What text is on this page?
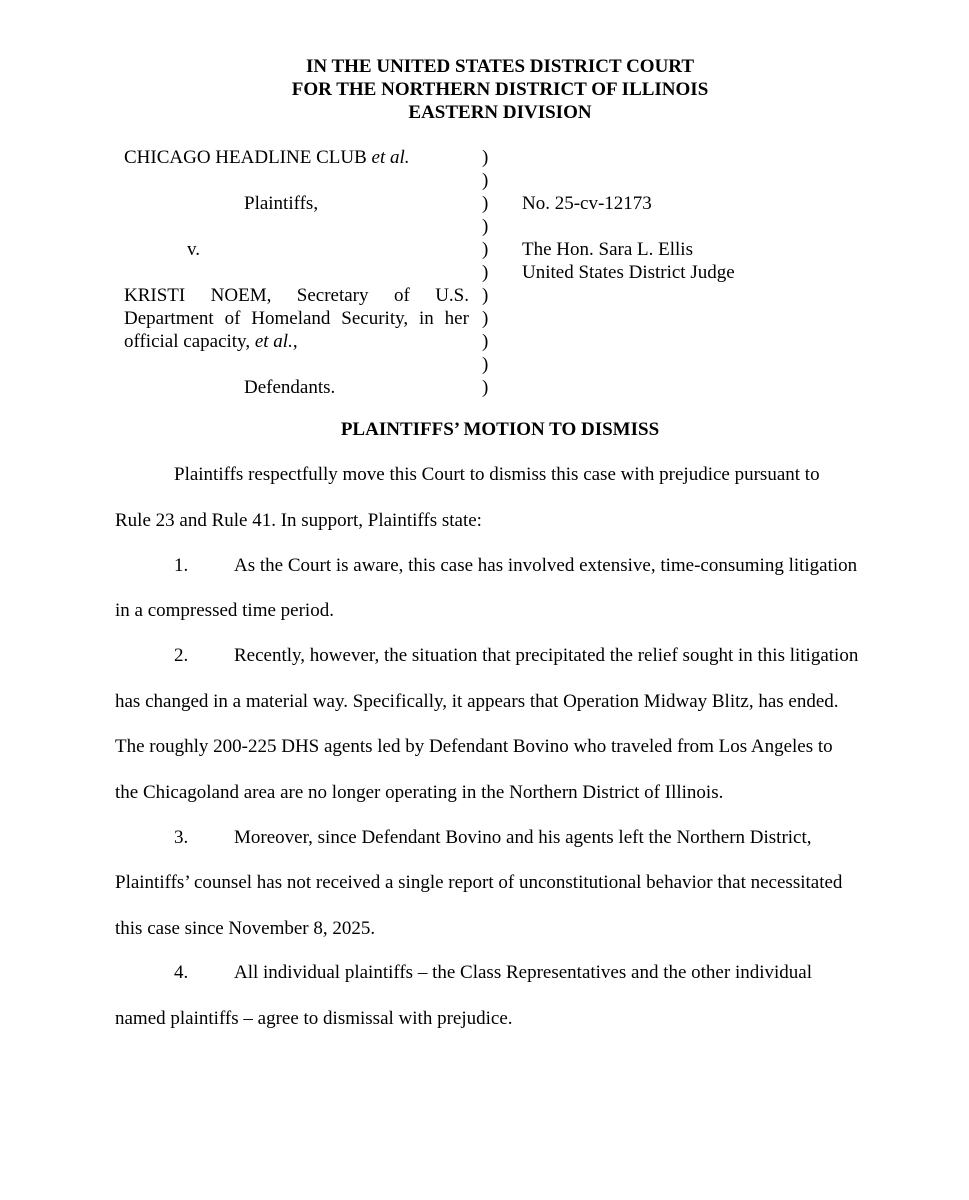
IN THE UNITED STATES DISTRICT COURT
FOR THE NORTHERN DISTRICT OF ILLINOIS
EASTERN DIVISION
CHICAGO HEADLINE CLUB et al.
Plaintiffs,
v.
KRISTI NOEM, Secretary of U.S.
Department of Homeland Security, in her
official capacity, et al.,
Defendants.
)
)
)
)
)
)
)
)
)
)
)
No. 25-cv-12173
The Hon. Sara L. Ellis
United States District Judge
PLAINTIFFS’ MOTION TO DISMISS
Plaintiffs respectfully move this Court to dismiss this case with prejudice pursuant to
Rule 23 and Rule 41. In support, Plaintiffs state:
1. As the Court is aware, this case has involved extensive, time-consuming litigation
in a compressed time period.
2. Recently, however, the situation that precipitated the relief sought in this litigation
has changed in a material way. Specifically, it appears that Operation Midway Blitz, has ended.
The roughly 200-225 DHS agents led by Defendant Bovino who traveled from Los Angeles to
the Chicagoland area are no longer operating in the Northern District of Illinois.
3. Moreover, since Defendant Bovino and his agents left the Northern District,
Plaintiffs’ counsel has not received a single report of unconstitutional behavior that necessitated
this case since November 8, 2025.
4. All individual plaintiffs – the Class Representatives and the other individual
named plaintiffs – agree to dismissal with prejudice.
